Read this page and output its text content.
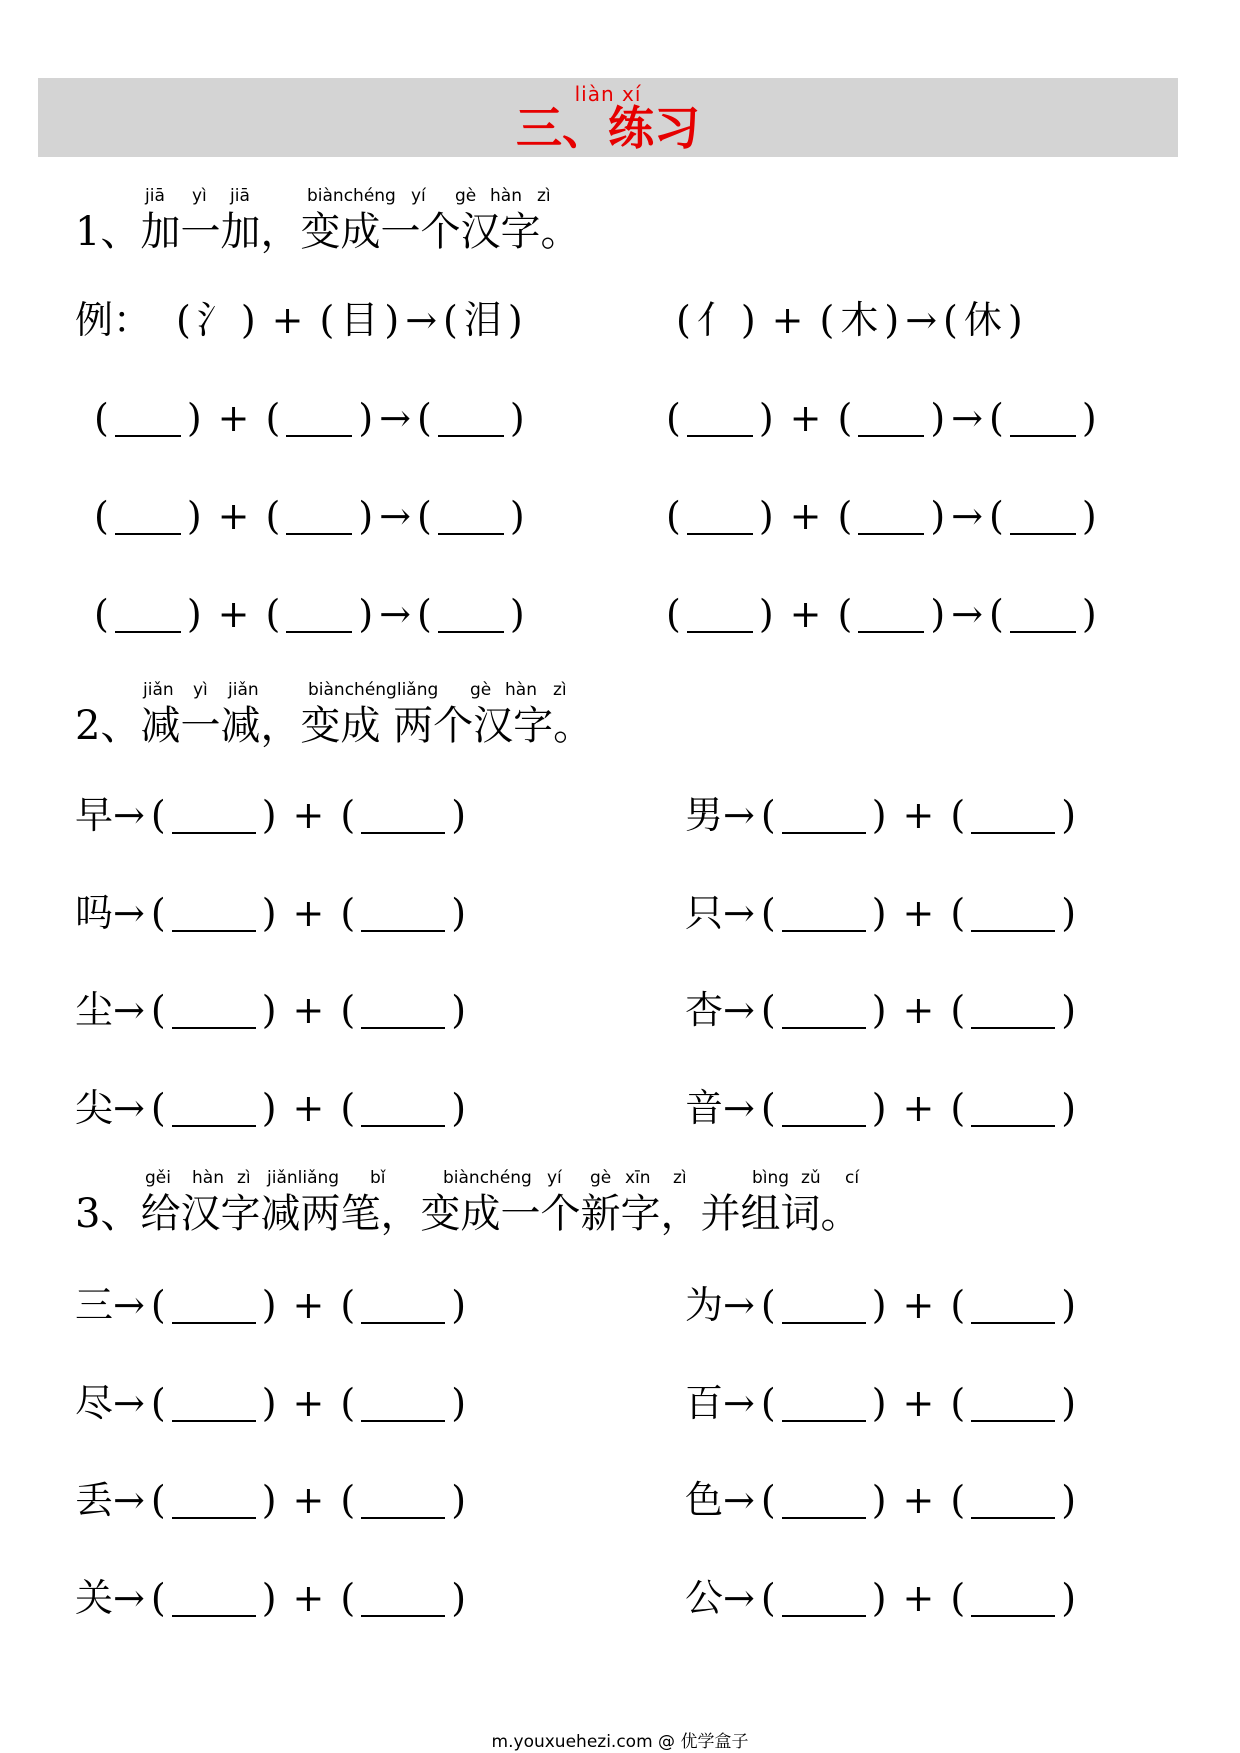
liàn xí
三、练习
jiā yì jiā	biànchéng yí gè hàn zì
1、加一加，变成一个汉字。
例： ( 氵 ) + ( 目 ) → ( 泪 )	( 亻 ) + ( 木 ) → ( 休 )
( ) + ( ) → ( )	( ) + ( ) → ( )
( ) + ( ) → ( )	( ) + ( ) → ( )
( ) + ( ) → ( )	( ) + ( ) → ( )
jiǎn yì jiǎn	biànchéngliǎng gè hàn zì
2、减一减，变成 两个汉字。
早→ (	) + (	)	男→ (	) + (	)
吗→ (	) + (	)	只→ (	) + (	)
尘→ (	) + (	)	杏→ (	) + (	)
尖→ (	) + (	)	音→ (	) + (	)
gěi hàn zì jiǎnliǎng bǐ	biànchéng yí gè xīn zì	bìng zǔ cí
3、给汉字减两笔，变成一个新字，并组词。
三→ (	) + (	)	为→ (	) + (	)
尽→ (	) + (	)	百→ (	) + (	)
丢→ (	) + (	)	色→ (	) + (	)
关→ (	) + (	)	公→ (	) + (	)
m.youxuehezi.com @ 优学盒子
